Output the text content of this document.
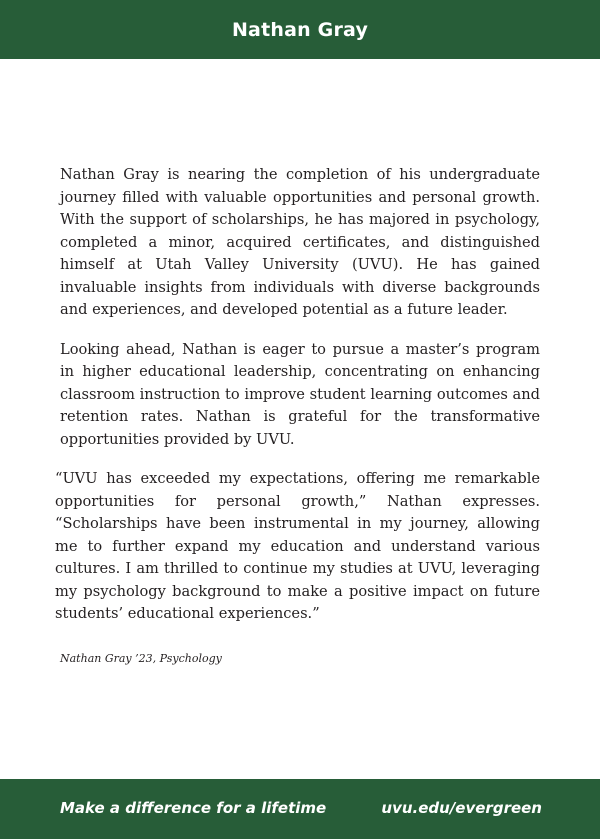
Nathan Gray

Nathan Gray is nearing the completion of his undergraduate journey filled with valuable opportunities and personal growth. With the support of scholarships, he has majored in psychology, completed a minor, acquired certificates, and distinguished himself at Utah Valley University (UVU). He has gained invaluable insights from individuals with diverse backgrounds and experiences, and developed potential as a future leader.

Looking ahead, Nathan is eager to pursue a master’s program in higher educational leadership, concentrating on enhancing classroom instruction to improve student learning outcomes and retention rates. Nathan is grateful for the transformative opportunities provided by UVU.

“UVU has exceeded my expectations, offering me remarkable opportunities for personal growth,” Nathan expresses. “Scholarships have been instrumental in my journey, allowing me to further expand my education and understand various cultures. I am thrilled to continue my studies at UVU, leveraging my psychology background to make a positive impact on future students’ educational experiences.”

Nathan Gray ’23, Psychology
Make a difference for a lifetime	uvu.edu/evergreen
